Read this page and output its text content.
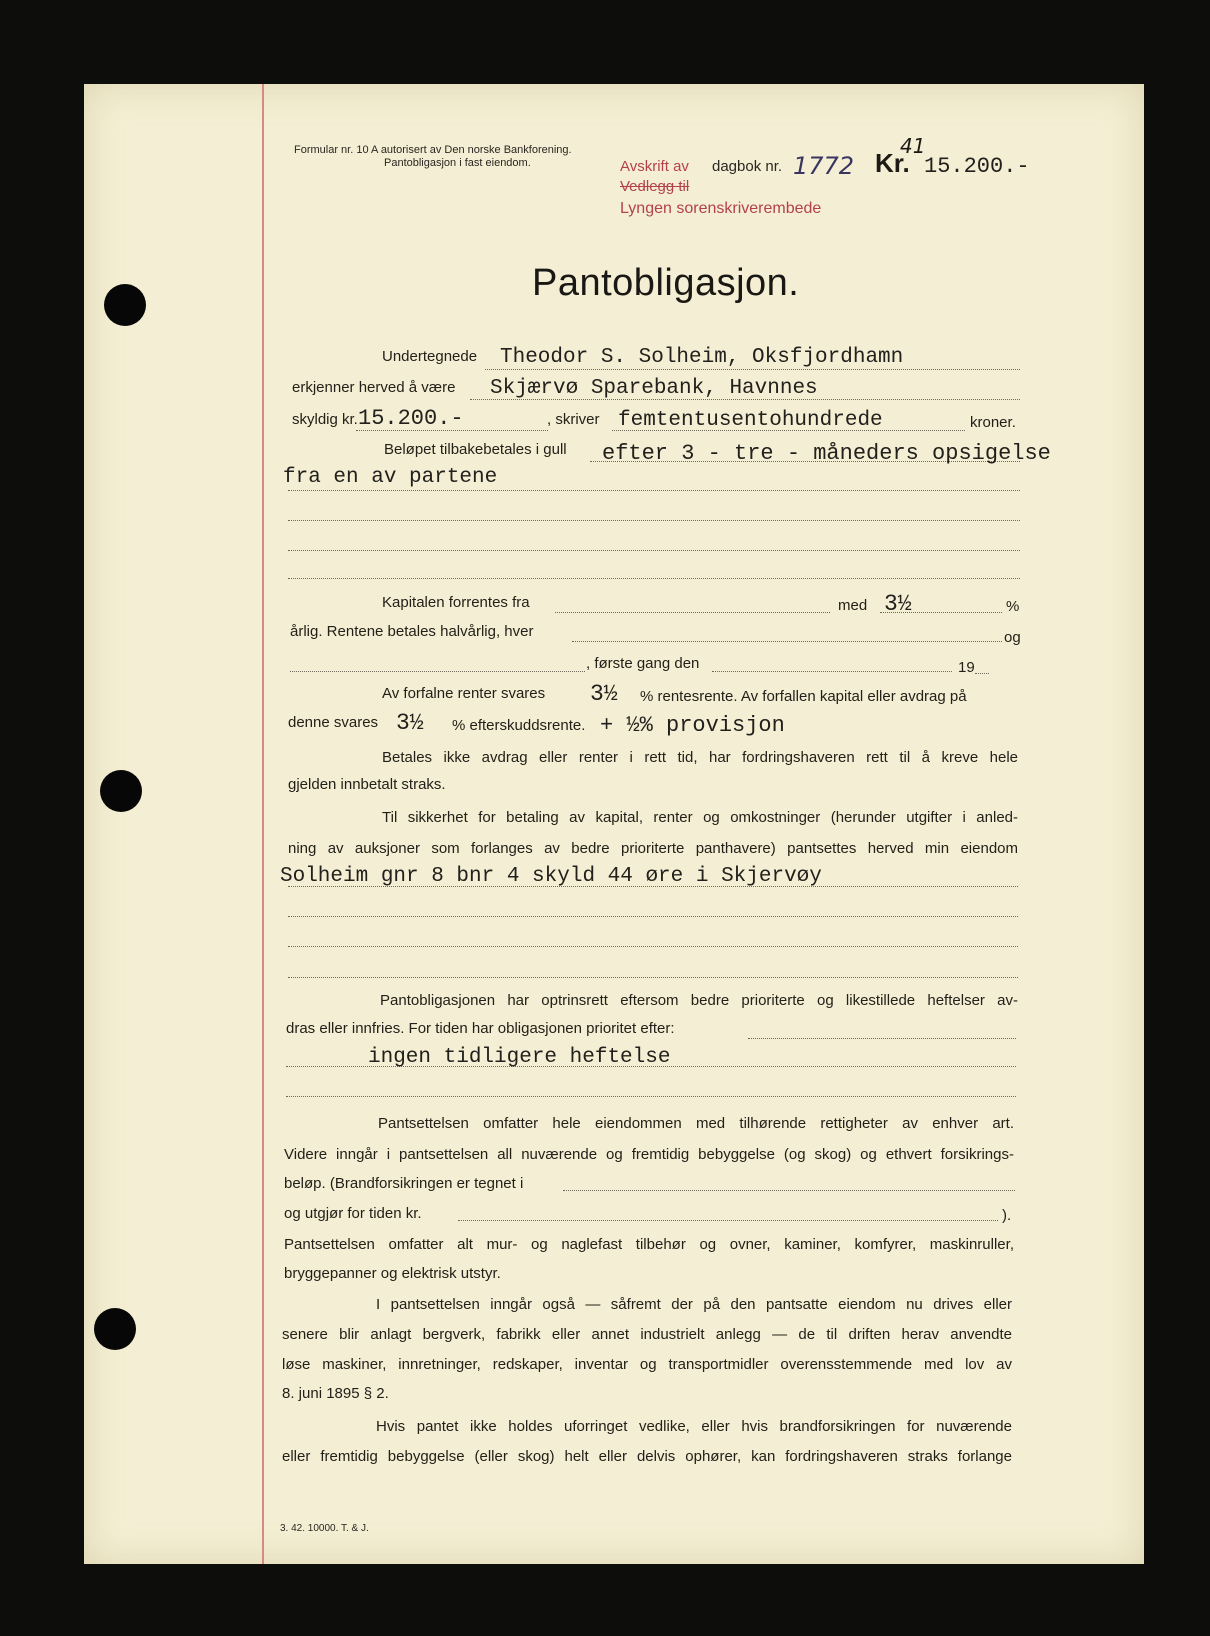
Formular nr. 10 A autorisert av Den norske Bankforening.
Pantobligasjon i fast eiendom.	Avskrift av dagbok nr.
Vedlegg til
Lyngen sorenskriverembede
1772 Kr.
41
15.200.-
Pantobligasjon.
Undertegnede Theodor S. Solheim, Oksfjordhamn
erkjenner herved å være Skjærvø Sparebank, Havnnes
skyldig kr. 15.200.-	, skriver femtentusentohundrede	kroner.
Beløpet tilbakebetales i gull efter 3 - tre - måneders opsigelse
fra en av partene
Kapitalen forrentes fra	med 3½	%
årlig. Rentene betales halvårlig, hver	og
, første gang den	19
Av forfalne renter svares 3½ % rentesrente. Av forfallen kapital eller avdrag på
denne svares 3½ % efterskuddsrente. + ½% provisjon
Betales ikke avdrag eller renter i rett tid, har fordringshaveren rett til å kreve hele
gjelden innbetalt straks.
Til sikkerhet for betaling av kapital, renter og omkostninger (herunder utgifter i anled-
ning av auksjoner som forlanges av bedre prioriterte panthavere) pantsettes herved min eiendom
Solheim gnr 8 bnr 4 skyld 44 øre i Skjervøy
Pantobligasjonen har optrinsrett eftersom bedre prioriterte og likestillede heftelser av-
dras eller innfries. For tiden har obligasjonen prioritet efter:
ingen tidligere heftelse
Pantsettelsen omfatter hele eiendommen med tilhørende rettigheter av enhver art.
Videre inngår i pantsettelsen all nuværende og fremtidig bebyggelse (og skog) og ethvert forsikrings-
beløp. (Brandforsikringen er tegnet i
og utgjør for tiden kr.	).
Pantsettelsen omfatter alt mur- og naglefast tilbehør og ovner, kaminer, komfyrer, maskinruller,
bryggepanner og elektrisk utstyr.
I pantsettelsen inngår også — såfremt der på den pantsatte eiendom nu drives eller
senere blir anlagt bergverk, fabrikk eller annet industrielt anlegg — de til driften herav anvendte
løse maskiner, innretninger, redskaper, inventar og transportmidler overensstemmende med lov av
8. juni 1895 § 2.
Hvis pantet ikke holdes uforringet vedlike, eller hvis brandforsikringen for nuværende
eller fremtidig bebyggelse (eller skog) helt eller delvis ophører, kan fordringshaveren straks forlange
3. 42. 10000. T. & J.
